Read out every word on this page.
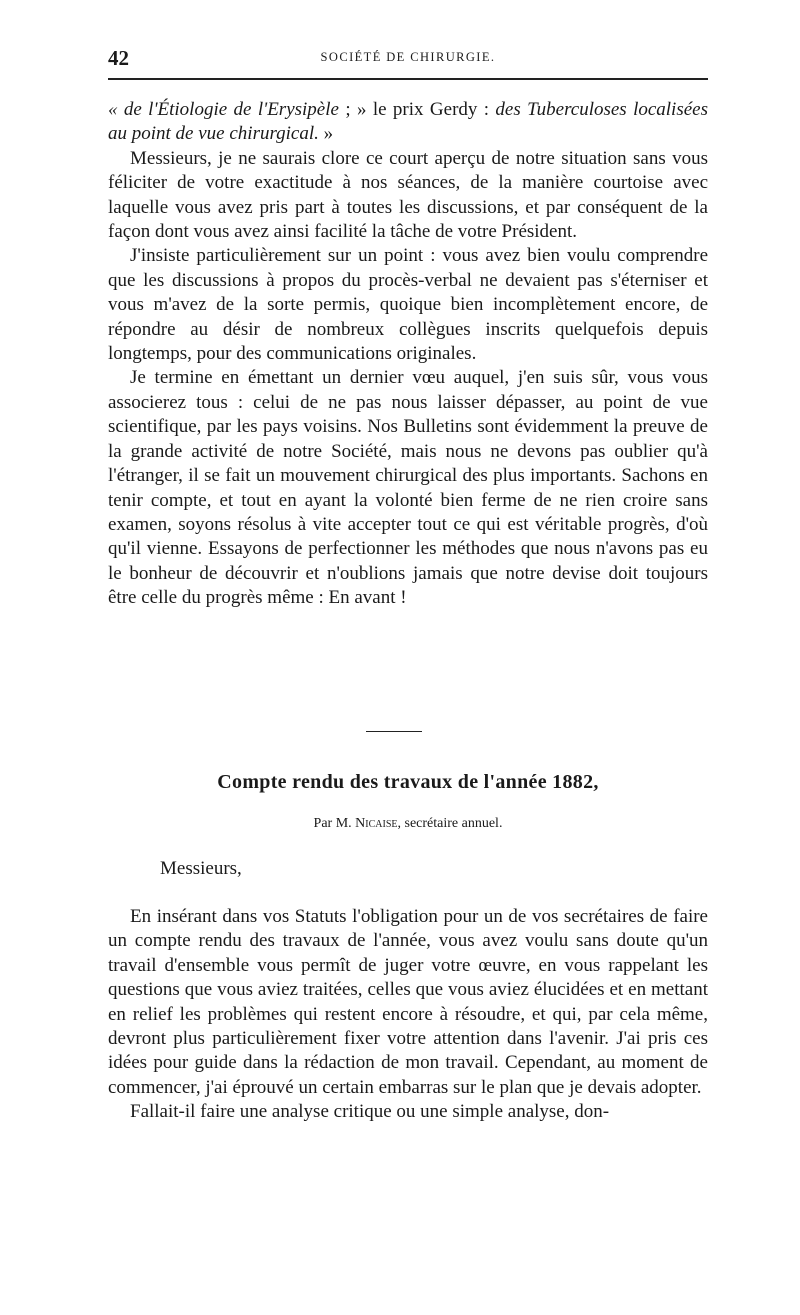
42	SOCIÉTÉ DE CHIRURGIE.

« de l'Étiologie de l'Erysipèle ; » le prix Gerdy : des Tuberculoses localisées au point de vue chirurgical. »

Messieurs, je ne saurais clore ce court aperçu de notre situation sans vous féliciter de votre exactitude à nos séances, de la manière courtoise avec laquelle vous avez pris part à toutes les discussions, et par conséquent de la façon dont vous avez ainsi facilité la tâche de votre Président.

J'insiste particulièrement sur un point : vous avez bien voulu comprendre que les discussions à propos du procès-verbal ne devaient pas s'éterniser et vous m'avez de la sorte permis, quoique bien incomplètement encore, de répondre au désir de nombreux collègues inscrits quelquefois depuis longtemps, pour des communications originales.

Je termine en émettant un dernier vœu auquel, j'en suis sûr, vous vous associerez tous : celui de ne pas nous laisser dépasser, au point de vue scientifique, par les pays voisins. Nos Bulletins sont évidemment la preuve de la grande activité de notre Société, mais nous ne devons pas oublier qu'à l'étranger, il se fait un mouvement chirurgical des plus importants. Sachons en tenir compte, et tout en ayant la volonté bien ferme de ne rien croire sans examen, soyons résolus à vite accepter tout ce qui est véritable progrès, d'où qu'il vienne. Essayons de perfectionner les méthodes que nous n'avons pas eu le bonheur de découvrir et n'oublions jamais que notre devise doit toujours être celle du progrès même : En avant !

Compte rendu des travaux de l'année 1882,
Par M. Nicaise, secrétaire annuel.
Messieurs,

En insérant dans vos Statuts l'obligation pour un de vos secrétaires de faire un compte rendu des travaux de l'année, vous avez voulu sans doute qu'un travail d'ensemble vous permît de juger votre œuvre, en vous rappelant les questions que vous aviez traitées, celles que vous aviez élucidées et en mettant en relief les problèmes qui restent encore à résoudre, et qui, par cela même, devront plus particulièrement fixer votre attention dans l'avenir. J'ai pris ces idées pour guide dans la rédaction de mon travail. Cependant, au moment de commencer, j'ai éprouvé un certain embarras sur le plan que je devais adopter.

Fallait-il faire une analyse critique ou une simple analyse, don-
